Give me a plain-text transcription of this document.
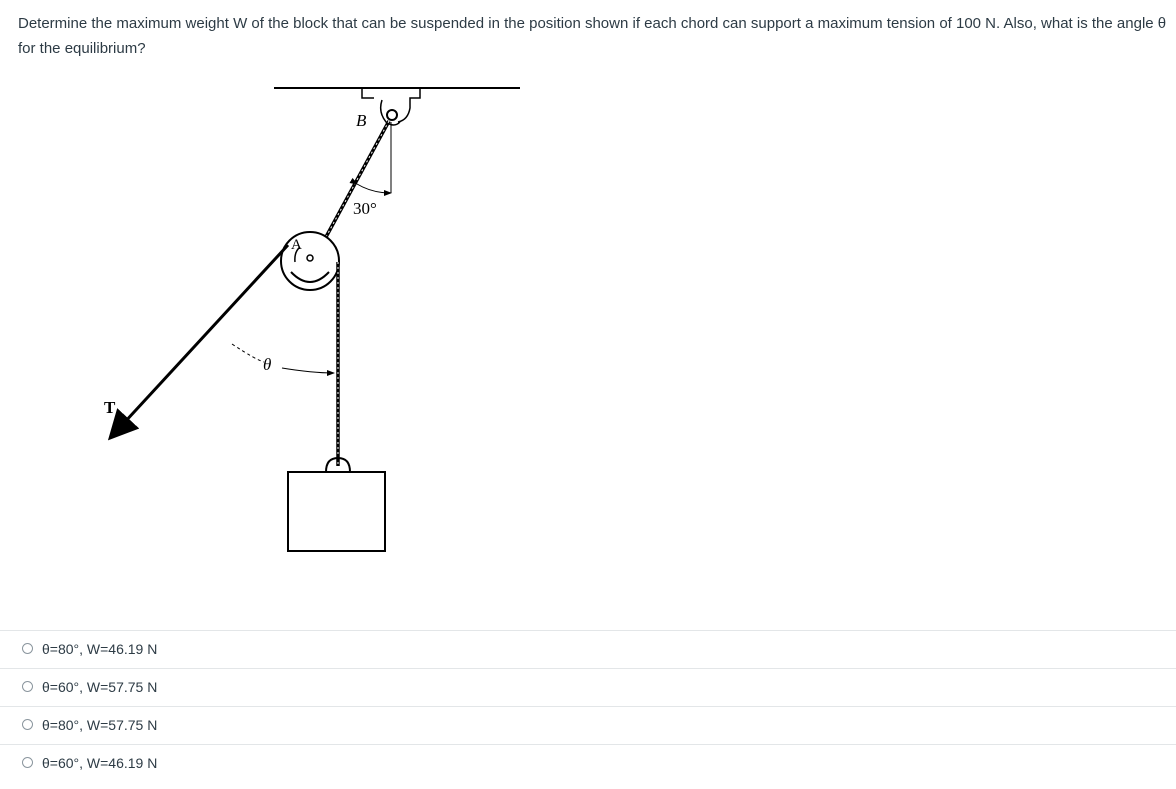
Determine the maximum weight W of the block that can be suspended in the position shown if each chord can support a maximum tension of 100 N. Also, what is the angle θ for the equilibrium?
B
A
30°
θ
T
θ=80°, W=46.19 N
θ=60°, W=57.75 N
θ=80°, W=57.75 N
θ=60°, W=46.19 N
